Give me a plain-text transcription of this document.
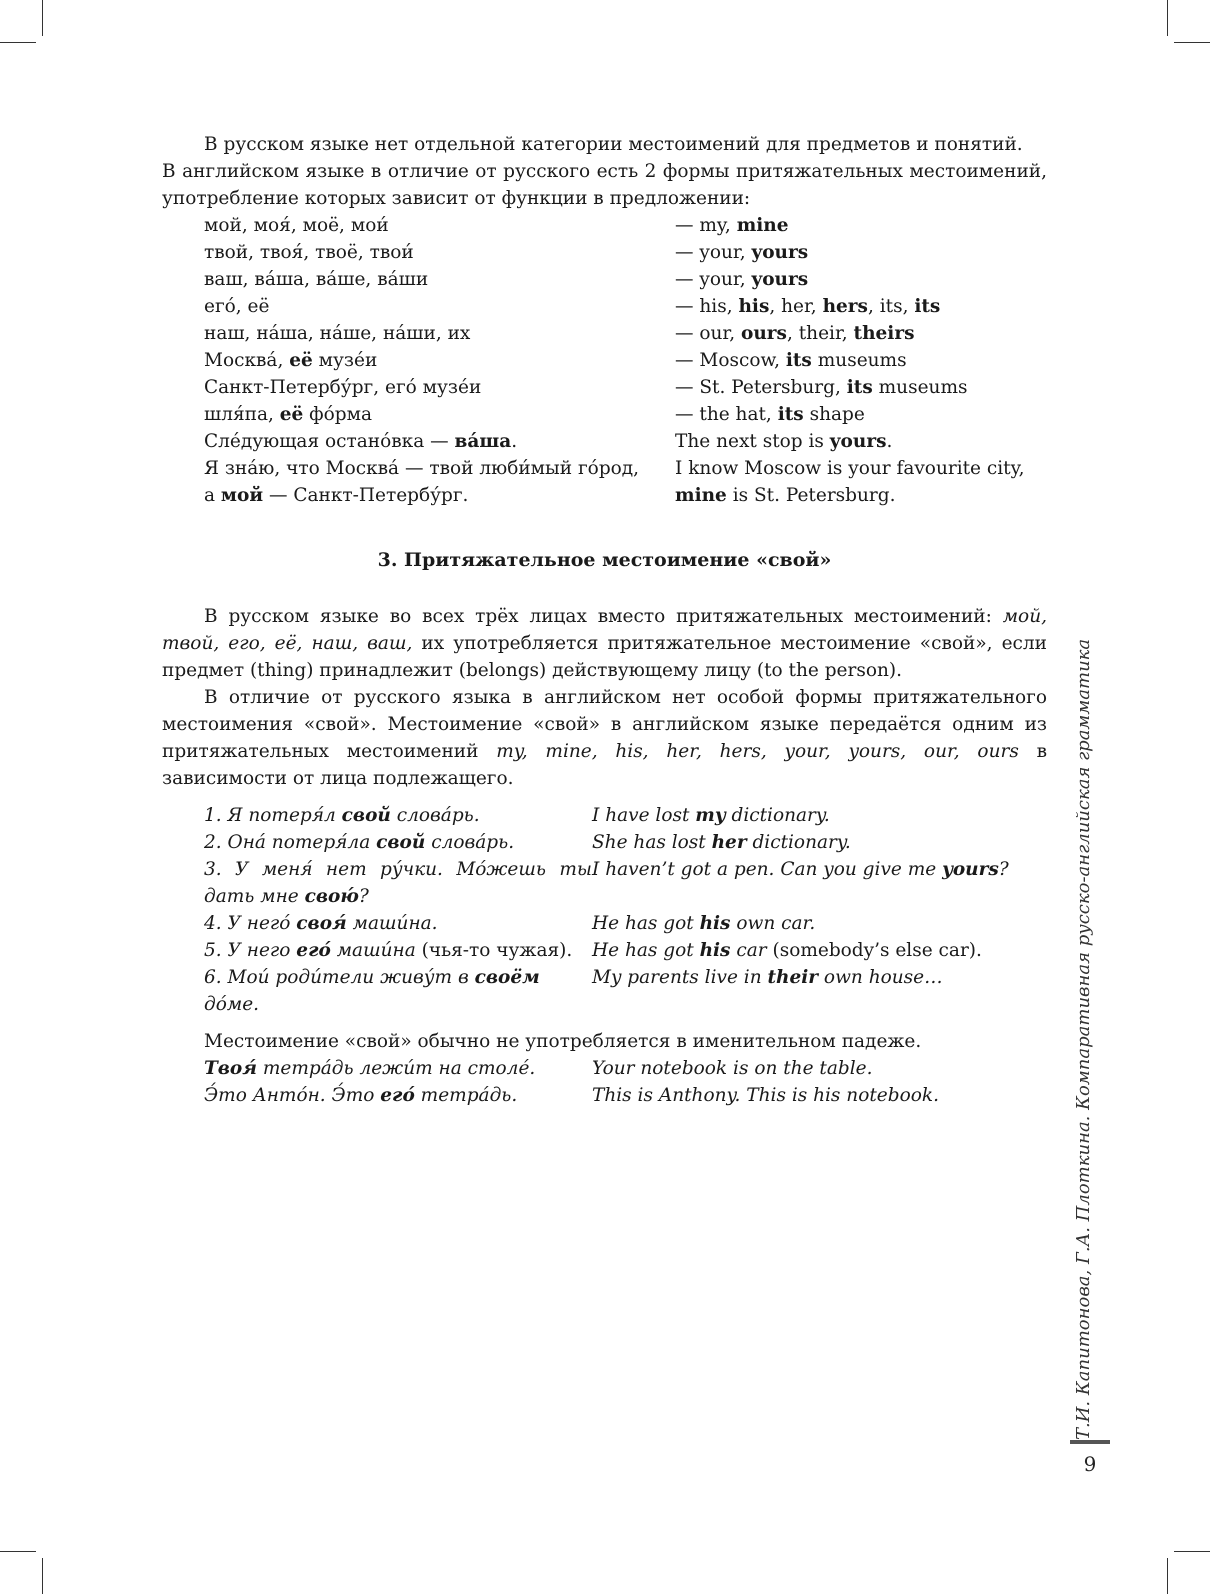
В русском языке нет отдельной категории местоимений для предметов и понятий.

В английском языке в отличие от русского есть 2 формы притяжательных местоимений, употребление которых зависит от функции в предложении:

мой, моя́, моё, мои́	— my, mine
твой, твоя́, твоё, твои́	— your, yours
ваш, ва́ша, ва́ше, ва́ши	— your, yours
его́, её	— his, his, her, hers, its, its
наш, на́ша, на́ше, на́ши, их	— our, ours, their, theirs
Москва́, её музе́и	— Moscow, its museums
Санкт-Петербу́рг, его́ музе́и	— St. Petersburg, its museums
шля́па, её фо́рма	— the hat, its shape
Сле́дующая остано́вка — ва́ша.	The next stop is yours.
Я зна́ю, что Москва́ — твой люби́мый го́род,	I know Moscow is your favourite city,
а мой — Санкт-Петербу́рг.	mine is St. Petersburg.
3. Притяжательное местоимение «свой»

В русском языке во всех трёх лицах вместо притяжательных местоимений: мой, твой, его, её, наш, ваш, их употребляется притяжательное местоимение «свой», если предмет (thing) принадлежит (belongs) действующему лицу (to the person).

В отличие от русского языка в английском нет особой формы притяжательного местоимения «свой». Местоимение «свой» в английском языке передаётся одним из притяжательных местоимений my, mine, his, her, hers, your, yours, our, ours в зависимости от лица подлежащего.

1. Я потеря́л свой слова́рь.	I have lost my dictionary.
2. Она́ потеря́ла свой слова́рь.	She has lost her dictionary.
3. У меня́ нет ру́чки. Мо́жешь ты I haven’t got a pen. Can you give me yours?
дать мне свою́?
4. У него́ своя́ маши́на.	He has got his own car.
5. У него его́ маши́на (чья-то чужая).	He has got his car (somebody’s else car).
6. Мои́ роди́тели живу́т в своём до́ме.
My parents live in their own house…

Местоимение «свой» обычно не употребляется в именительном падеже.

Твоя́ тетра́дь лежи́т на столе́.	Your notebook is on the table.
Э́то Анто́н. Э́то его́ тетра́дь.	This is Anthony. This is his notebook.	Т.И. Капитонова, Г.А. Плоткина. Компаративная русско-английская грамматика
9
